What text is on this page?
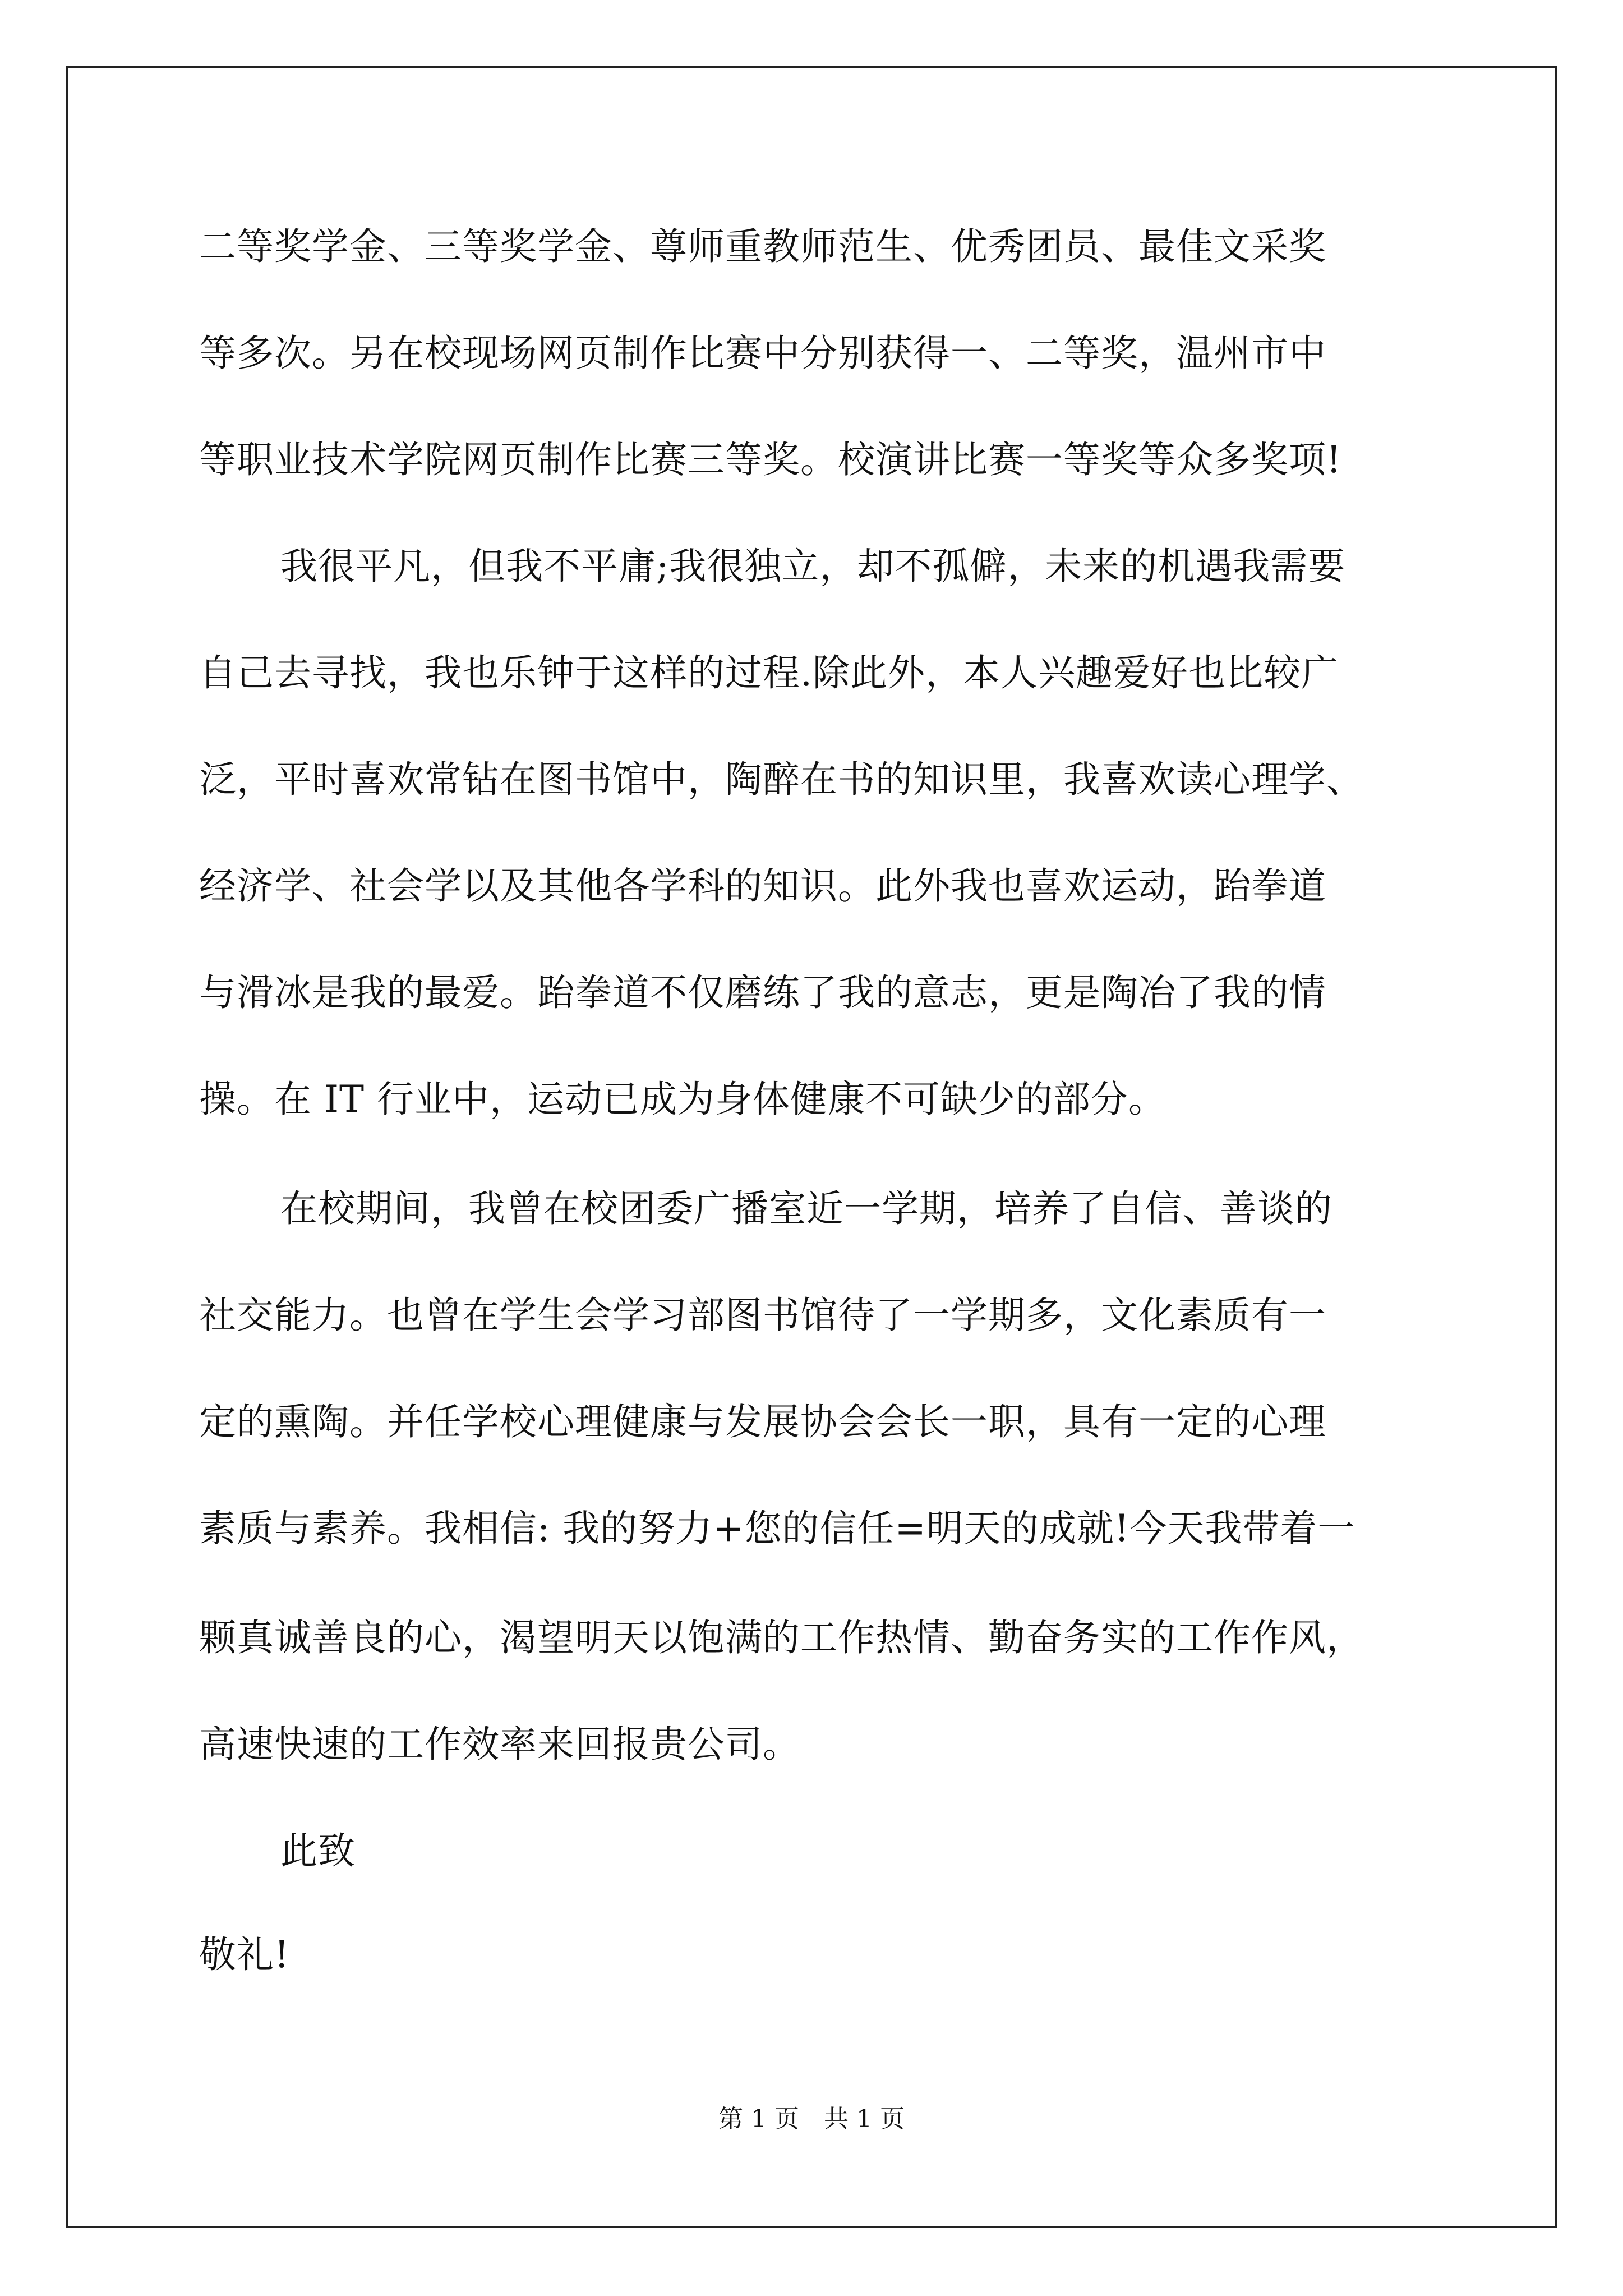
二等奖学金、三等奖学金、尊师重教师范生、优秀团员、最佳文采奖
等多次。另在校现场网页制作比赛中分别获得一、二等奖，温州市中
等职业技术学院网页制作比赛三等奖。校演讲比赛一等奖等众多奖项!
我很平凡，但我不平庸;我很独立，却不孤僻，未来的机遇我需要
自己去寻找，我也乐钟于这样的过程.除此外，本人兴趣爱好也比较广
泛，平时喜欢常钻在图书馆中，陶醉在书的知识里，我喜欢读心理学、
经济学、社会学以及其他各学科的知识。此外我也喜欢运动，跆拳道
与滑冰是我的最爱。跆拳道不仅磨练了我的意志，更是陶冶了我的情
操。在 IT 行业中，运动已成为身体健康不可缺少的部分。
在校期间，我曾在校团委广播室近一学期，培养了自信、善谈的
社交能力。也曾在学生会学习部图书馆待了一学期多，文化素质有一
定的熏陶。并任学校心理健康与发展协会会长一职，具有一定的心理
素质与素养。我相信: 我的努力+您的信任=明天的成就!今天我带着一
颗真诚善良的心，渴望明天以饱满的工作热情、勤奋务实的工作作风，
高速快速的工作效率来回报贵公司。
此致
敬礼!
第 1 页　共 1 页
